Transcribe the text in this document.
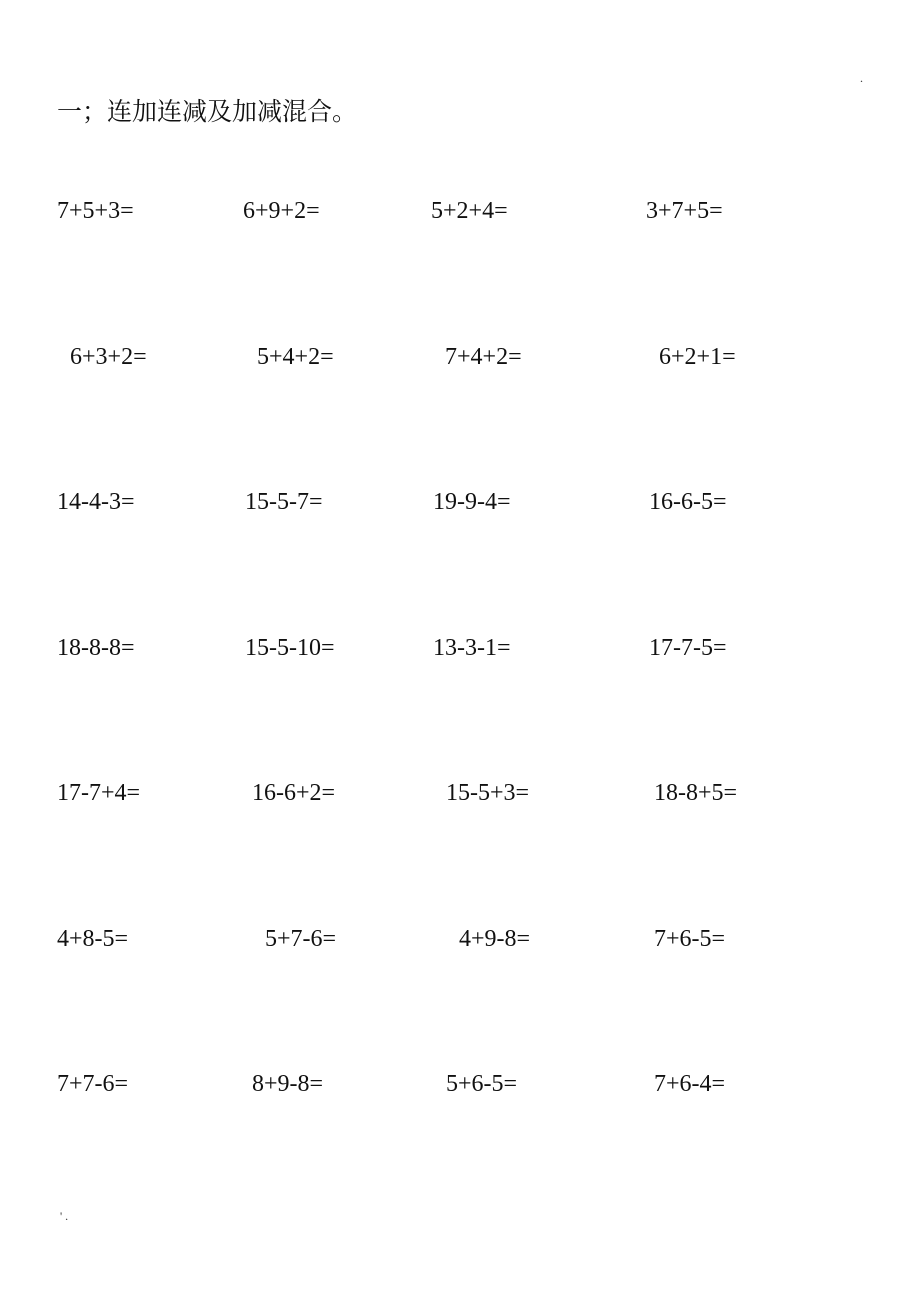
.
一；连加连减及加减混合。
7+5+3=	6+9+2=	5+2+4=	3+7+5=
6+3+2=	5+4+2=	7+4+2=	6+2+1=
14-4-3=	15-5-7=	19-9-4=	16-6-5=
18-8-8=	15-5-10=	13-3-1=	17-7-5=
17-7+4=	16-6+2=	15-5+3=	18-8+5=
4+8-5=	5+7-6=	4+9-8=	7+6-5=
7+7-6=	8+9-8=	5+6-5=	7+6-4=
' .
